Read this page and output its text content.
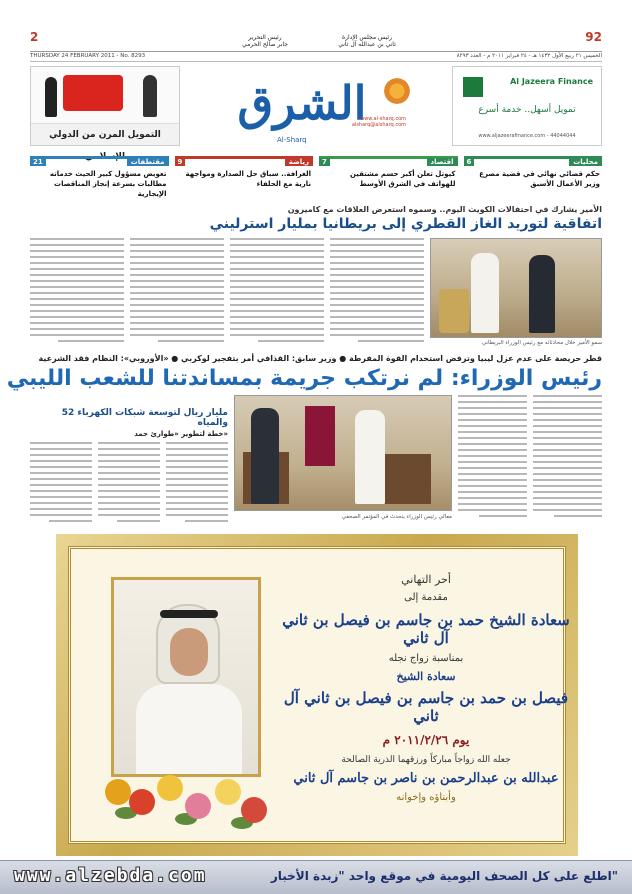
2	رئيس التحرير
جابر صالح الحرمي
رئيس مجلس الإدارة
ثاني بن عبدالله آل ثاني
92
THURSDAY 24 FEBRUARY 2011 - No. 8293	الخميس ٢١ ربيع الأول ١٤٣٢ هـ - ٢٤ فبراير ٢٠١١ م - العدد ٨٢٩٣
التمويل المرن من الدولي الإسلامي
الشرق
www.al-sharq.com
alsharq@alsharq.com
Al-Sharq
Al Jazeera Finance
تمويل أسهل.. خدمة أسرع
www.aljazeerafinance.com - 44044044
محليات
6
حكم قضائي نهائي في قضية مصرع وزير الأعمال الأسبق
اقتصاد
7
كيوتل تعلن أكبر حسم مشتقين للهواتف في الشرق الأوسط
رياضة
9
الغرافة.. سباق حل الصدارة ومواجهة نارية مع الحلفاء
مقتطفات
21
تعويض مسؤول كبير الحيث خدماته مطالبات بسرعة إنجاز المناقصات الإيجارية
الأمير يشارك في احتفالات الكويت اليوم.. وسموه استعرض العلاقات مع كاميرون
اتفاقية لتوريد الغاز القطري إلى بريطانيا بمليار استرليني
سمو الأمير خلال محادثاته مع رئيس الوزراء البريطاني
قطر حريصة على عدم عزل ليبيا وترفض استخدام القوة المفرطة ● وزير سابق: القذافي أمر بتفجير لوكربي ● «الأوروبي»: النظام فقد الشرعية
رئيس الوزراء: لم نرتكب جريمة بمساندتنا للشعب الليبي
معالي رئيس الوزراء يتحدث في المؤتمر الصحفي
52 مليار ريال لتوسعة شبكات الكهرباء والمياه
خطة لتطوير «طوارئ حمد»
أحر التهاني
مقدمة إلى
سعادة الشيخ حمد بن جاسم بن فيصل بن ثاني آل ثاني
بمناسبة زواج نجله
سعادة الشيخ
فيصل بن حمد بن جاسم بن فيصل بن ثاني آل ثاني
يوم ٢٠١١/٢/٢٦ م
جعله الله زواجاً مباركاً ورزقهما الذرية الصالحة
عبدالله بن عبدالرحمن بن ناصر بن جاسم آل ثاني
وأبناؤه وإخوانه
www.alzebda.com	اطلع على كل الصحف اليومية في موقع واحد "زبدة الأخبار"
